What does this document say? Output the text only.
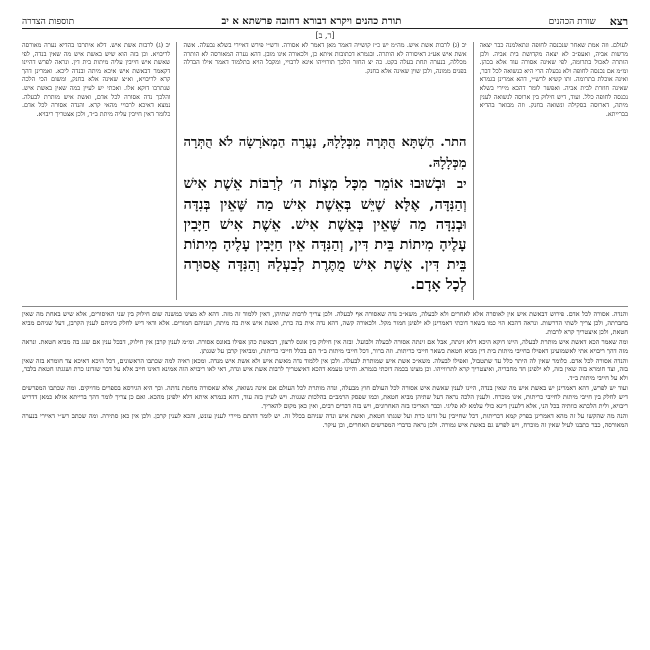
רצא
שורת הכהנים
תורת כהנים ויקרא דבורא דחובה פרשתא א יב
תוספות הצדרה
[ד, ב]
לעולם. וזה אמת שאחר שנכנסה לחופה ונתאלמנה כבר יצאה מרשות אביה, ואעפ״כ לא יצאה מקדושת בית אביה. ולכן הותרה לאכול בתרומה, לפי שאינה אסורה עוד אלא בכהן. ומ״מ אם נכנסה לחופה ולא נבעלה הרי היא כנשואה לכל דבר, ואינה אוכלת בתרומה. ותו קשיא לרש״י, דהא אמרינן בגמרא שאינה חוזרת לבית אביה. ואפשר לומר דהכא מיירי בשלא נכנסה לחופה כלל. ועוד, דיש חילוק בין ארוסה לנשואה לענין מיתה, דארוסה בסקילה ונשואה בחנק. וזה מבואר בהדיא בברייתא.
יב (ג) לרבות אשת איש. מה״מ יש כ״ז קושייה דאמר מאן דאמר לא אסורה. ורש״י פירש דאיירי בשלא נבעלה. אשה אשת איש אע״ג דאיסורה לא הותרה. ובגמרא דכתובות איתא כן, ולכאורה אינו מובן. דהא נערה המאורסה לא הותרה מכללה, בנערה תחת בעלה בקט. כה יצ החזר הלכך תורוייהו אינא לרבויי, ומקבל הויא בתלמוד דאמר אילו הבדלה בפנים ממונה, ולכן שוין שאינה אלא בחנק.
התר. הַשְׁתָּא הֻתְּרָה מִכְּלָלָהּ, נַעֲרָה הַמְאֹרָשָׂה לֹא הֻתְּרָה מִכְּלָלָהּ.
יב וּבְשׁוּבוּ אוֹמֵר מִכָּל מִצְוֹת ה׳ לְרַבּוֹת אֵשֶׁת אִישׁ וְהַנִּדָּה, אֶלָּא שֶׁיֵּשׁ בְּאֵשֶׁת אִישׁ מַה שֶּׁאֵין בְּנִדָּה וּבְנִדָּה מַה שֶּׁאֵין בְּאֵשֶׁת אִישׁ. אֵשֶׁת אִישׁ חַיָּבִין עָלֶיהָ מִיתוֹת בֵּית דִּין, וְהַנִּדָּה אֵין חַיָּבִין עָלֶיהָ מִיתוֹת בֵּית דִּין. אֵשֶׁת אִישׁ מֻתֶּרֶת לְבַעְלָהּ וְהַנִּדָּה אֲסוּרָה לְכָל אָדָם.
יב (ג) לרבות אשת איש. דלא איתרבו בהדיא נערה מאורסה לריבויא. וכן בזה הוא שיש באשת איש מה שאין בנדה, לפי שאשת איש חייבין עליה מיתות בית דין. ונראה לפרש דהיינו דקאמר דבאשת איש איכא מיתה ובנדה ליכא. ואמרינן דהך קרא לריבויא, וא״צ שאינה אלא בחנק, ומשום הכי הלכה שנתרבו דוקא אלו. ואכתי יש לעיין במה שאין באשת איש. והלכך נדה אסורה לכל אדם, ואשת איש מותרת לבעלה. נמצא דאיכא לרבויי מהאי קרא. והנדה אסורה לכל אדם. כלומר דאין חייבין עליה מיתת ב״ד, ולכן אצטריך ריבויא.

והנדה. אסורה לכל אדם. פירוש דבאשת איש אין לאוסרה אלא לאחרים ולא לבעלה, משא״כ נדה שאסורה אף לבעלה. ולכן צריך לרבות שתיהן, דאין ללמוד זה מזה. דהא לא מצינו במשנה שום חילוק בין שני האיסורים, אלא שיש באחת מה שאין בחברתה, ולכן צריך לשתי הדרשות. ונראה דהכא הוי כמו בשאר דוכתי דאמרינן לא ילפינן חמור מקל. ולכאורה קשה, דהא נדה אית בה כרת, ואשת איש אית בה מיתה, ושניהם חמורים. אלא ודאי דיש לחלק ביניהם לענין הקרבן, דעל שניהם מביא חטאת, ולכן איצטריך קרא לרבות.

ומה שאמר הכא דאשת איש מותרת לבעלה, היינו דוקא היכא דלא זינתה, אבל אם זינתה אסורה לבעלה ולבועל. ובזה אין חילוק בין אונס לרצון, דבאשת כהן אפילו באונס אסורה. ומ״מ לענין קרבן אין חילוק, דבכל ענין אם שגג בה מביא חטאת. ונראה מזה דהך ריבויא אתי לאשמועינן דאפילו בחייבי מיתות בית דין מביא חטאת כשאר חייבי כריתות. וזה ברור, דכל חייבי מיתות ב״ד הם בכלל חייבי כריתות, ומביאין קרבן על שגגתן.

והנדה אסורה לכל אדם. כלומר שאין לה היתר כלל עד שתטבול, ואפילו לבעלה. משא״כ אשת איש שמותרת לבעלה. ולכן אין ללמוד נדה מאשת איש ולא אשת איש מנדה. ומכאן ראיה למה שכתבו הראשונים, דכל היכא דאיכא צד חומרא בזה שאין בזה, וצד חומרא בזה שאין בזה, לא ילפינן חד מחבריה, ואיצטריך קרא לתרווייהו. וכן מצינו בכמה דוכתי בגמרא. והיינו טעמא דהכא דאיצטריך לרבות אשת איש ונדה, דאי לאו ריבויא הוה אמינא דאינו חייב אלא על דבר שזדונו כרת ושגגתו חטאת בלבד, ולא על חייבי מיתות ב״ד.

ועוד יש לפרש, דהא דאמרינן יש באשת איש מה שאין בנדה, היינו לענין שאשת איש אסורה לכל העולם חוץ מבעלה, ונדה מותרת לכל העולם אם אינה נשואה, אלא שאסורה מחמת נדתה. וכך היא הגירסא בספרים מדויקים. ומה שכתבו המפרשים דיש לחלק בין חייבי מיתות לחייבי כריתות, אינו מוכרח. ולענין הלכה נראה דעל שתיהן מביא חטאת, וכמו שפסק הרמב״ם בהלכות שגגות. ויש לעיין בזה עוד, דהא בגמרא איתא דלא ילפינן מהכא. ואם כן צריך לומר דהך ברייתא אזלא כמאן דדריש ריבויא, ולית הלכתא כוותיה בכל הני, אלא דלענין דינא כולי עלמא לא פליגי. וכבר האריכו בזה האחרונים, ויש בזה דברים רבים, ואין כאן מקום להאריך.

והנה מה שהקשו על זה מהא דאמרינן בפרק קמא דכריתות, דכל שחייבין על זדונו כרת ועל שגגתו חטאת, ואשת איש ונדה שניהם בכלל זה. יש לומר דהתם מיירי לענין עונש, והכא לענין קרבן. ולכן אין כאן סתירה. ומה שכתב רש״י דאיירי בנערה המאורסה, כבר כתבנו לעיל שאין זה מוכרח, ויש לפרש גם באשת איש גמורה. ולכן נראה כדברי המפרשים האחרים, וכן עיקר.
